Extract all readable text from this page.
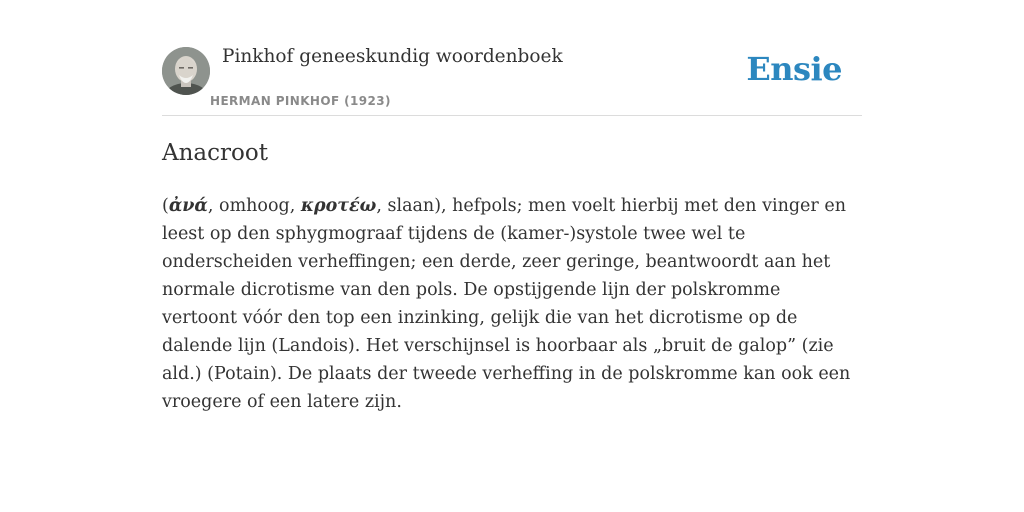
Pinkhof geneeskundig woordenboek
HERMAN PINKHOF (1923)
Ensie
Anacroot

(ἀνά, omhoog, κροτέω, slaan), hefpols; men voelt hierbij met den vinger en leest op den sphygmograaf tijdens de (kamer-)systole twee wel te onderscheiden verheffingen; een derde, zeer geringe, beantwoordt aan het normale dicrotisme van den pols. De opstijgende lijn der polskromme vertoont vóór den top een inzinking, gelijk die van het dicrotisme op de dalende lijn (Landois). Het verschijnsel is hoorbaar als „bruit de galop” (zie ald.) (Potain). De plaats der tweede verheffing in de polskromme kan ook een vroegere of een latere zijn.
